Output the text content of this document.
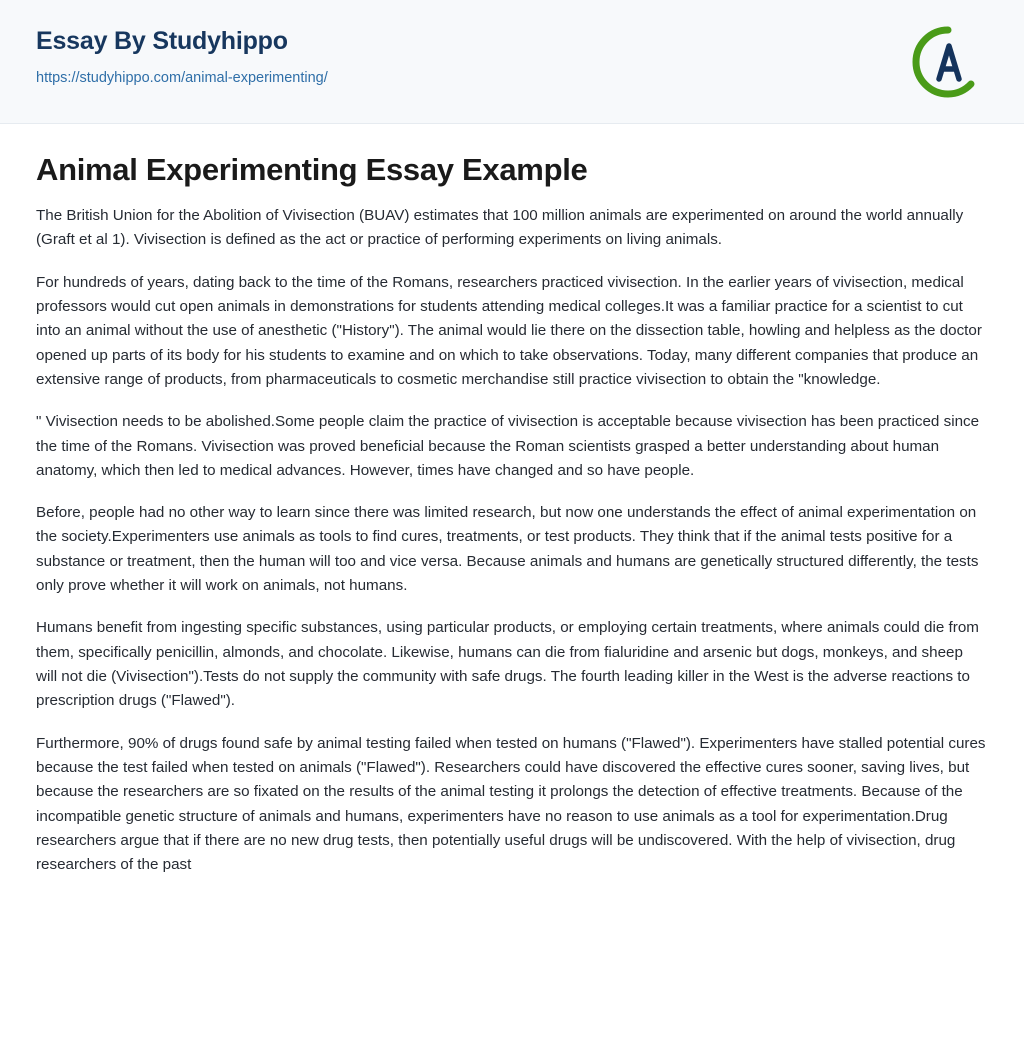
Essay By Studyhippo
https://studyhippo.com/animal-experimenting/
Animal Experimenting Essay Example

The British Union for the Abolition of Vivisection (BUAV) estimates that 100 million animals are experimented on around the world annually (Graft et al 1). Vivisection is defined as the act or practice of performing experiments on living animals.

For hundreds of years, dating back to the time of the Romans, researchers practiced vivisection. In the earlier years of vivisection, medical professors would cut open animals in demonstrations for students attending medical colleges.It was a familiar practice for a scientist to cut into an animal without the use of anesthetic ("History"). The animal would lie there on the dissection table, howling and helpless as the doctor opened up parts of its body for his students to examine and on which to take observations. Today, many different companies that produce an extensive range of products, from pharmaceuticals to cosmetic merchandise still practice vivisection to obtain the "knowledge.

" Vivisection needs to be abolished.Some people claim the practice of vivisection is acceptable because vivisection has been practiced since the time of the Romans. Vivisection was proved beneficial because the Roman scientists grasped a better understanding about human anatomy, which then led to medical advances. However, times have changed and so have people.

Before, people had no other way to learn since there was limited research, but now one understands the effect of animal experimentation on the society.Experimenters use animals as tools to find cures, treatments, or test products. They think that if the animal tests positive for a substance or treatment, then the human will too and vice versa. Because animals and humans are genetically structured differently, the tests only prove whether it will work on animals, not humans.

Humans benefit from ingesting specific substances, using particular products, or employing certain treatments, where animals could die from them, specifically penicillin, almonds, and chocolate. Likewise, humans can die from fialuridine and arsenic but dogs, monkeys, and sheep will not die (Vivisection").Tests do not supply the community with safe drugs. The fourth leading killer in the West is the adverse reactions to prescription drugs ("Flawed").

Furthermore, 90% of drugs found safe by animal testing failed when tested on humans ("Flawed"). Experimenters have stalled potential cures because the test failed when tested on animals ("Flawed"). Researchers could have discovered the effective cures sooner, saving lives, but because the researchers are so fixated on the results of the animal testing it prolongs the detection of effective treatments. Because of the incompatible genetic structure of animals and humans, experimenters have no reason to use animals as a tool for experimentation.Drug researchers argue that if there are no new drug tests, then potentially useful drugs will be undiscovered. With the help of vivisection, drug researchers of the past
